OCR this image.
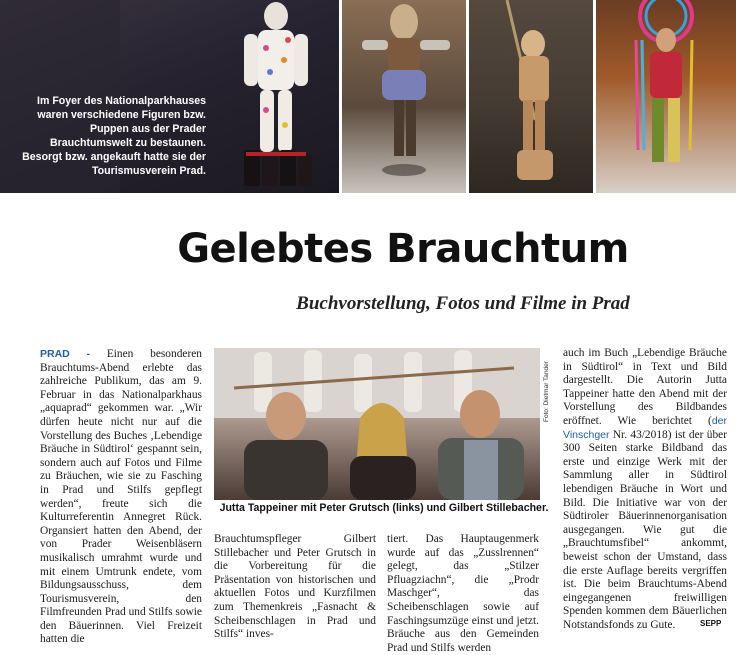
Im Foyer des Nationalparkhauses waren verschiedene Figuren bzw. Puppen aus der Prader Brauchtumswelt zu bestaunen. Besorgt bzw. angekauft hatte sie der Tourismusverein Prad.
Gelebtes Brauchtum
Buchvorstellung, Fotos und Filme in Prad

PRAD - Einen besonderen Brauchtums-Abend erlebte das zahlreiche Publikum, das am 9. Februar in das Nationalparkhaus „aquaprad“ gekommen war. „Wir dürfen heute nicht nur auf die Vorstellung des Buches ‚Lebendige Bräuche in Südtirol‘ gespannt sein, sondern auch auf Fotos und Filme zu Bräuchen, wie sie zu Fasching in Prad und Stilfs gepflegt werden“, freute sich die Kulturreferentin Annegret Rück. Organsiert hatten den Abend, der von Prader Weisenbläsern musikalisch umrahmt wurde und mit einem Umtrunk endete, vom Bildungsausschuss, dem Tourismusverein, den Filmfreunden Prad und Stilfs sowie den Bäuerinnen. Viel Freizeit hatten die

Foto: Dietmar Tander
Jutta Tappeiner mit Peter Grutsch (links) und Gilbert Stillebacher.

Brauchtumspfleger Gilbert Stillebacher und Peter Grutsch in die Vorbereitung für die Präsentation von historischen und aktuellen Fotos und Kurzfilmen zum Themenkreis „Fasnacht & Scheibenschlagen in Prad und Stilfs“ inves-

tiert. Das Hauptaugenmerk wurde auf das „Zusslrennen“ gelegt, das „Stilzer Pfluagziachn“, die „Prodr Maschger“, das Scheibenschlagen sowie auf Faschingsumzüge einst und jetzt. Bräuche aus den Gemeinden Prad und Stilfs werden

auch im Buch „Lebendige Bräuche in Südtirol“ in Text und Bild dargestellt. Die Autorin Jutta Tappeiner hatte den Abend mit der Vorstellung des Bildbandes eröffnet. Wie berichtet (der Vinschger Nr. 43/2018) ist der über 300 Seiten starke Bildband das erste und einzige Werk mit der Sammlung aller in Südtirol lebendigen Bräuche in Wort und Bild. Die Initiative war von der Südtiroler Bäuerinnenorganisation ausgegangen. Wie gut die „Brauchtumsfibel“ ankommt, beweist schon der Umstand, dass die erste Auflage bereits vergriffen ist. Die beim Brauchtums-Abend eingegangenen freiwilligen Spenden kommen dem Bäuerlichen Notstandsfonds zu Gute.	SEPP
